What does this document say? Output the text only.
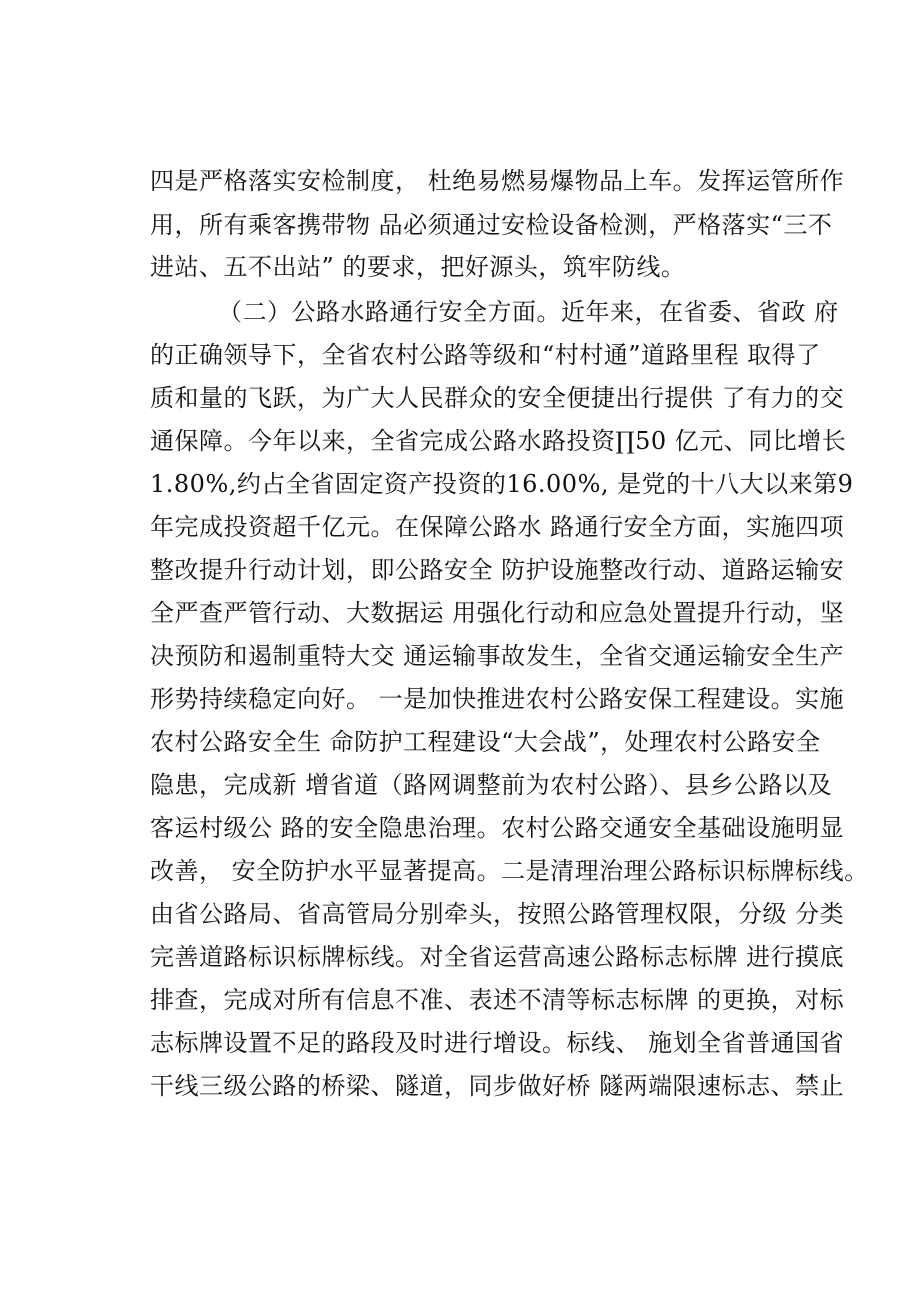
四是严格落实安检制度， 杜绝易燃易爆物品上车。发挥运管所作
用，所有乘客携带物 品必须通过安检设备检测，严格落实“三不
进站、五不出站” 的要求，把好源头，筑牢防线。
（二）公路水路通行安全方面。近年来，在省委、省政 府
的正确领导下，全省农村公路等级和“村村通”道路里程 取得了
质和量的飞跃，为广大人民群众的安全便捷出行提供 了有力的交
通保障。今年以来，全省完成公路水路投资∏50 亿元、同比增长
1.80%,约占全省固定资产投资的16.00%, 是党的十八大以来第9
年完成投资超千亿元。在保障公路水 路通行安全方面，实施四项
整改提升行动计划，即公路安全 防护设施整改行动、道路运输安
全严查严管行动、大数据运 用强化行动和应急处置提升行动，坚
决预防和遏制重特大交 通运输事故发生，全省交通运输安全生产
形势持续稳定向好。 一是加快推进农村公路安保工程建设。实施
农村公路安全生 命防护工程建设“大会战”，处理农村公路安全
隐患，完成新 增省道（路网调整前为农村公路）、县乡公路以及
客运村级公 路的安全隐患治理。农村公路交通安全基础设施明显
改善， 安全防护水平显著提高。二是清理治理公路标识标牌标线。
由省公路局、省高管局分别牵头，按照公路管理权限，分级 分类
完善道路标识标牌标线。对全省运营高速公路标志标牌 进行摸底
排查，完成对所有信息不准、表述不清等标志标牌 的更换，对标
志标牌设置不足的路段及时进行增设。标线、 施划全省普通国省
干线三级公路的桥梁、隧道，同步做好桥 隧两端限速标志、禁止
